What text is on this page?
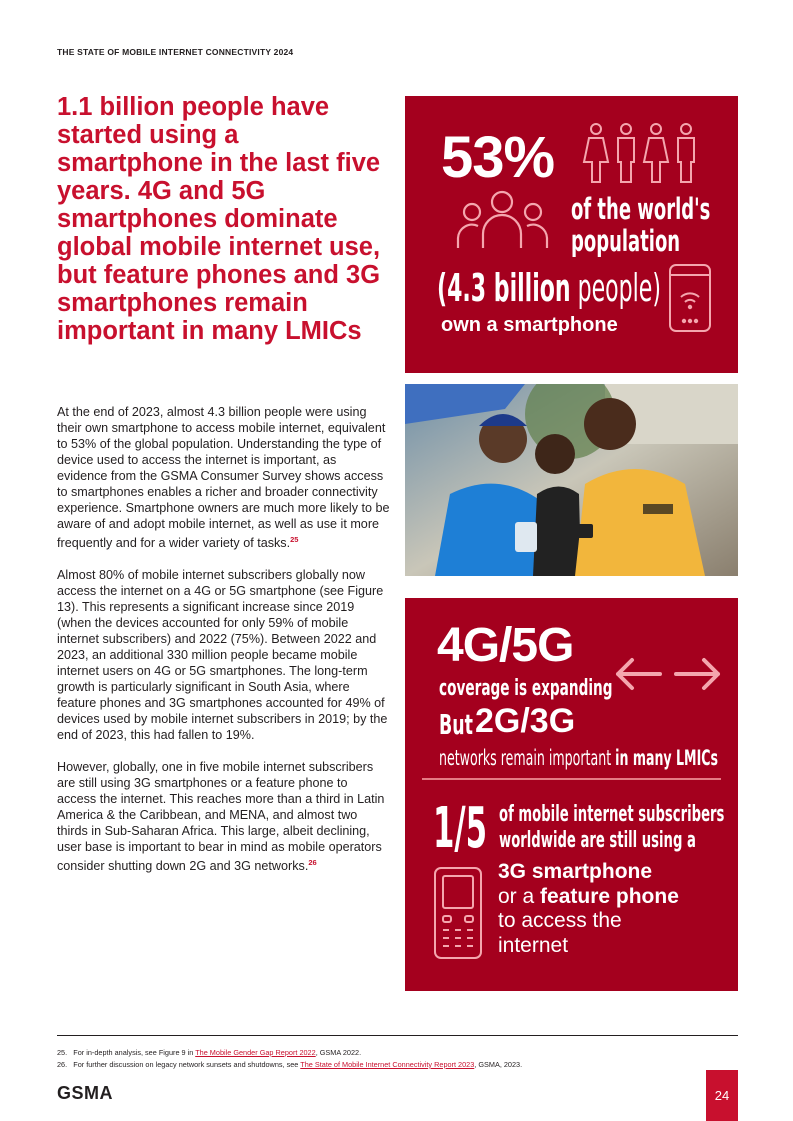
THE STATE OF MOBILE INTERNET CONNECTIVITY 2024
1.1 billion people have started using a smartphone in the last five years. 4G and 5G smartphones dominate global mobile internet use, but feature phones and 3G smartphones remain important in many LMICs

At the end of 2023, almost 4.3 billion people were using their own smartphone to access mobile internet, equivalent to 53% of the global population. Understanding the type of device used to access the internet is important, as evidence from the GSMA Consumer Survey shows access to smartphones enables a richer and broader connectivity experience. Smartphone owners are much more likely to be aware of and adopt mobile internet, as well as use it more frequently and for a wider variety of tasks.$^{25}$

Almost 80% of mobile internet subscribers globally now access the internet on a 4G or 5G smartphone (see Figure 13). This represents a significant increase since 2019 (when the devices accounted for only 59% of mobile internet subscribers) and 2022 (75%). Between 2022 and 2023, an additional 330 million people became mobile internet users on 4G or 5G smartphones. The long-term growth is particularly significant in South Asia, where feature phones and 3G smartphones accounted for 49% of devices used by mobile internet subscribers in 2019; by the end of 2023, this had fallen to 19%.

However, globally, one in five mobile internet subscribers are still using 3G smartphones or a feature phone to access the internet. This reaches more than a third in Latin America & the Caribbean, and MENA, and almost two thirds in Sub-Saharan Africa. This large, albeit declining, user base is important to bear in mind as mobile operators consider shutting down 2G and 3G networks.$^{26}$

53%
of the world's
population
(4.3 billion people)
own a smartphone
4G/5G
coverage is expanding
But 2G/3G
networks remain important in many LMICs
1/5 of mobile internet subscribers
worldwide are still using a
3G smartphone
or a feature phone
to access the
internet
25. For in-depth analysis, see Figure 9 in The Mobile Gender Gap Report 2022, GSMA 2022.
26. For further discussion on legacy network sunsets and shutdowns, see The State of Mobile Internet Connectivity Report 2023, GSMA, 2023.
GSMA	24
